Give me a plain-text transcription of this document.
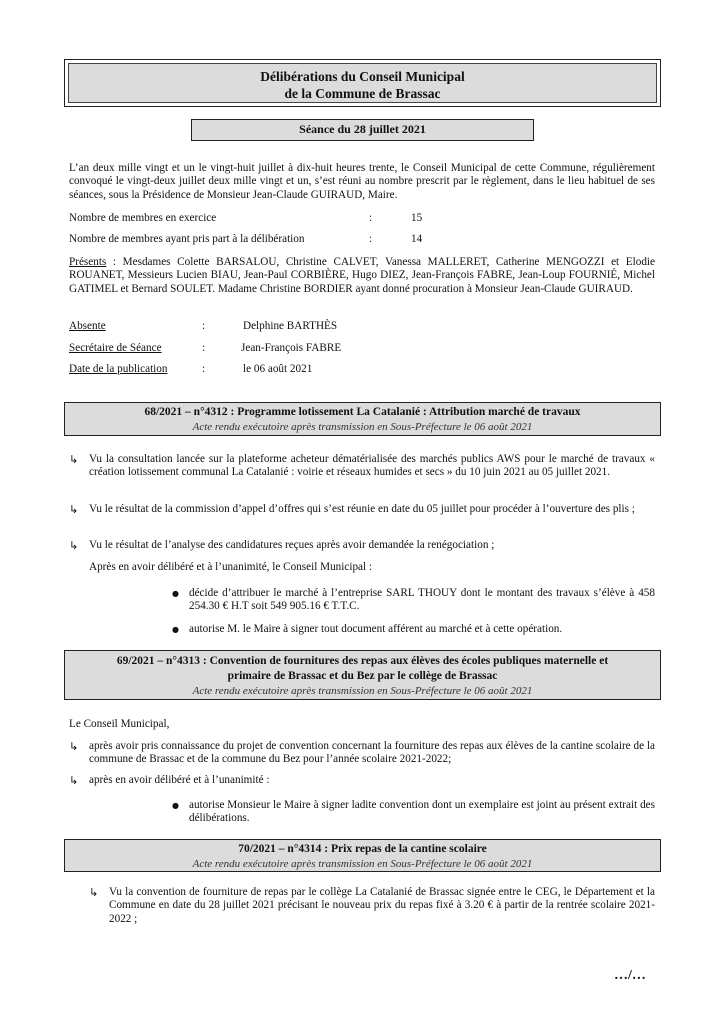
Délibérations du Conseil Municipal
de la Commune de Brassac
Séance du 28 juillet 2021
L’an deux mille vingt et un le vingt-huit juillet à dix-huit heures trente, le Conseil Municipal de cette Commune, régulièrement convoqué le vingt-deux juillet deux mille vingt et un, s’est réuni au nombre prescrit par le règlement, dans le lieu habituel de ses séances, sous la Présidence de Monsieur Jean-Claude GUIRAUD, Maire.
Nombre de membres en exercice	:	15
Nombre de membres ayant pris part à la délibération	:	14
Présents : Mesdames Colette BARSALOU, Christine CALVET, Vanessa MALLERET, Catherine MENGOZZI et Elodie ROUANET, Messieurs Lucien BIAU, Jean-Paul CORBIÈRE, Hugo DIEZ, Jean-François FABRE, Jean-Loup FOURNIÉ, Michel GATIMEL et Bernard SOULET. Madame Christine BORDIER ayant donné procuration à Monsieur Jean-Claude GUIRAUD.
Absente	:	Delphine BARTHÈS
Secrétaire de Séance	:	Jean-François FABRE
Date de la publication	:	le 06 août 2021
68/2021 – n°4312 : Programme lotissement La Catalanié : Attribution marché de travaux
Acte rendu exécutoire après transmission en Sous-Préfecture le 06 août 2021
↳ Vu la consultation lancée sur la plateforme acheteur dématérialisée des marchés publics AWS pour le marché de travaux « création lotissement communal La Catalanié : voirie et réseaux humides et secs » du 10 juin 2021 au 05 juillet 2021.
↳ Vu le résultat de la commission d’appel d’offres qui s’est réunie en date du 05 juillet pour procéder à l’ouverture des plis ;
↳ Vu le résultat de l’analyse des candidatures reçues après avoir demandée la renégociation ;
Après en avoir délibéré et à l’unanimité, le Conseil Municipal :
● décide d’attribuer le marché à l’entreprise SARL THOUY dont le montant des travaux s’élève à 458 254.30 € H.T soit 549 905.16 € T.T.C.
● autorise M. le Maire à signer tout document afférent au marché et à cette opération.
69/2021 – n°4313 : Convention de fournitures des repas aux élèves des écoles publiques maternelle et
primaire de Brassac et du Bez par le collège de Brassac
Acte rendu exécutoire après transmission en Sous-Préfecture le 06 août 2021
Le Conseil Municipal,
↳ après avoir pris connaissance du projet de convention concernant la fourniture des repas aux élèves de la cantine scolaire de la commune de Brassac et de la commune du Bez pour l’année scolaire 2021-2022;
↳ après en avoir délibéré et à l’unanimité :
● autorise Monsieur le Maire à signer ladite convention dont un exemplaire est joint au présent extrait des délibérations.
70/2021 – n°4314 : Prix repas de la cantine scolaire
Acte rendu exécutoire après transmission en Sous-Préfecture le 06 août 2021
↳ Vu la convention de fourniture de repas par le collège La Catalanié de Brassac signée entre le CEG, le Département et la Commune en date du 28 juillet 2021 précisant le nouveau prix du repas fixé à 3.20 € à partir de la rentrée scolaire 2021-2022 ;
…/…
